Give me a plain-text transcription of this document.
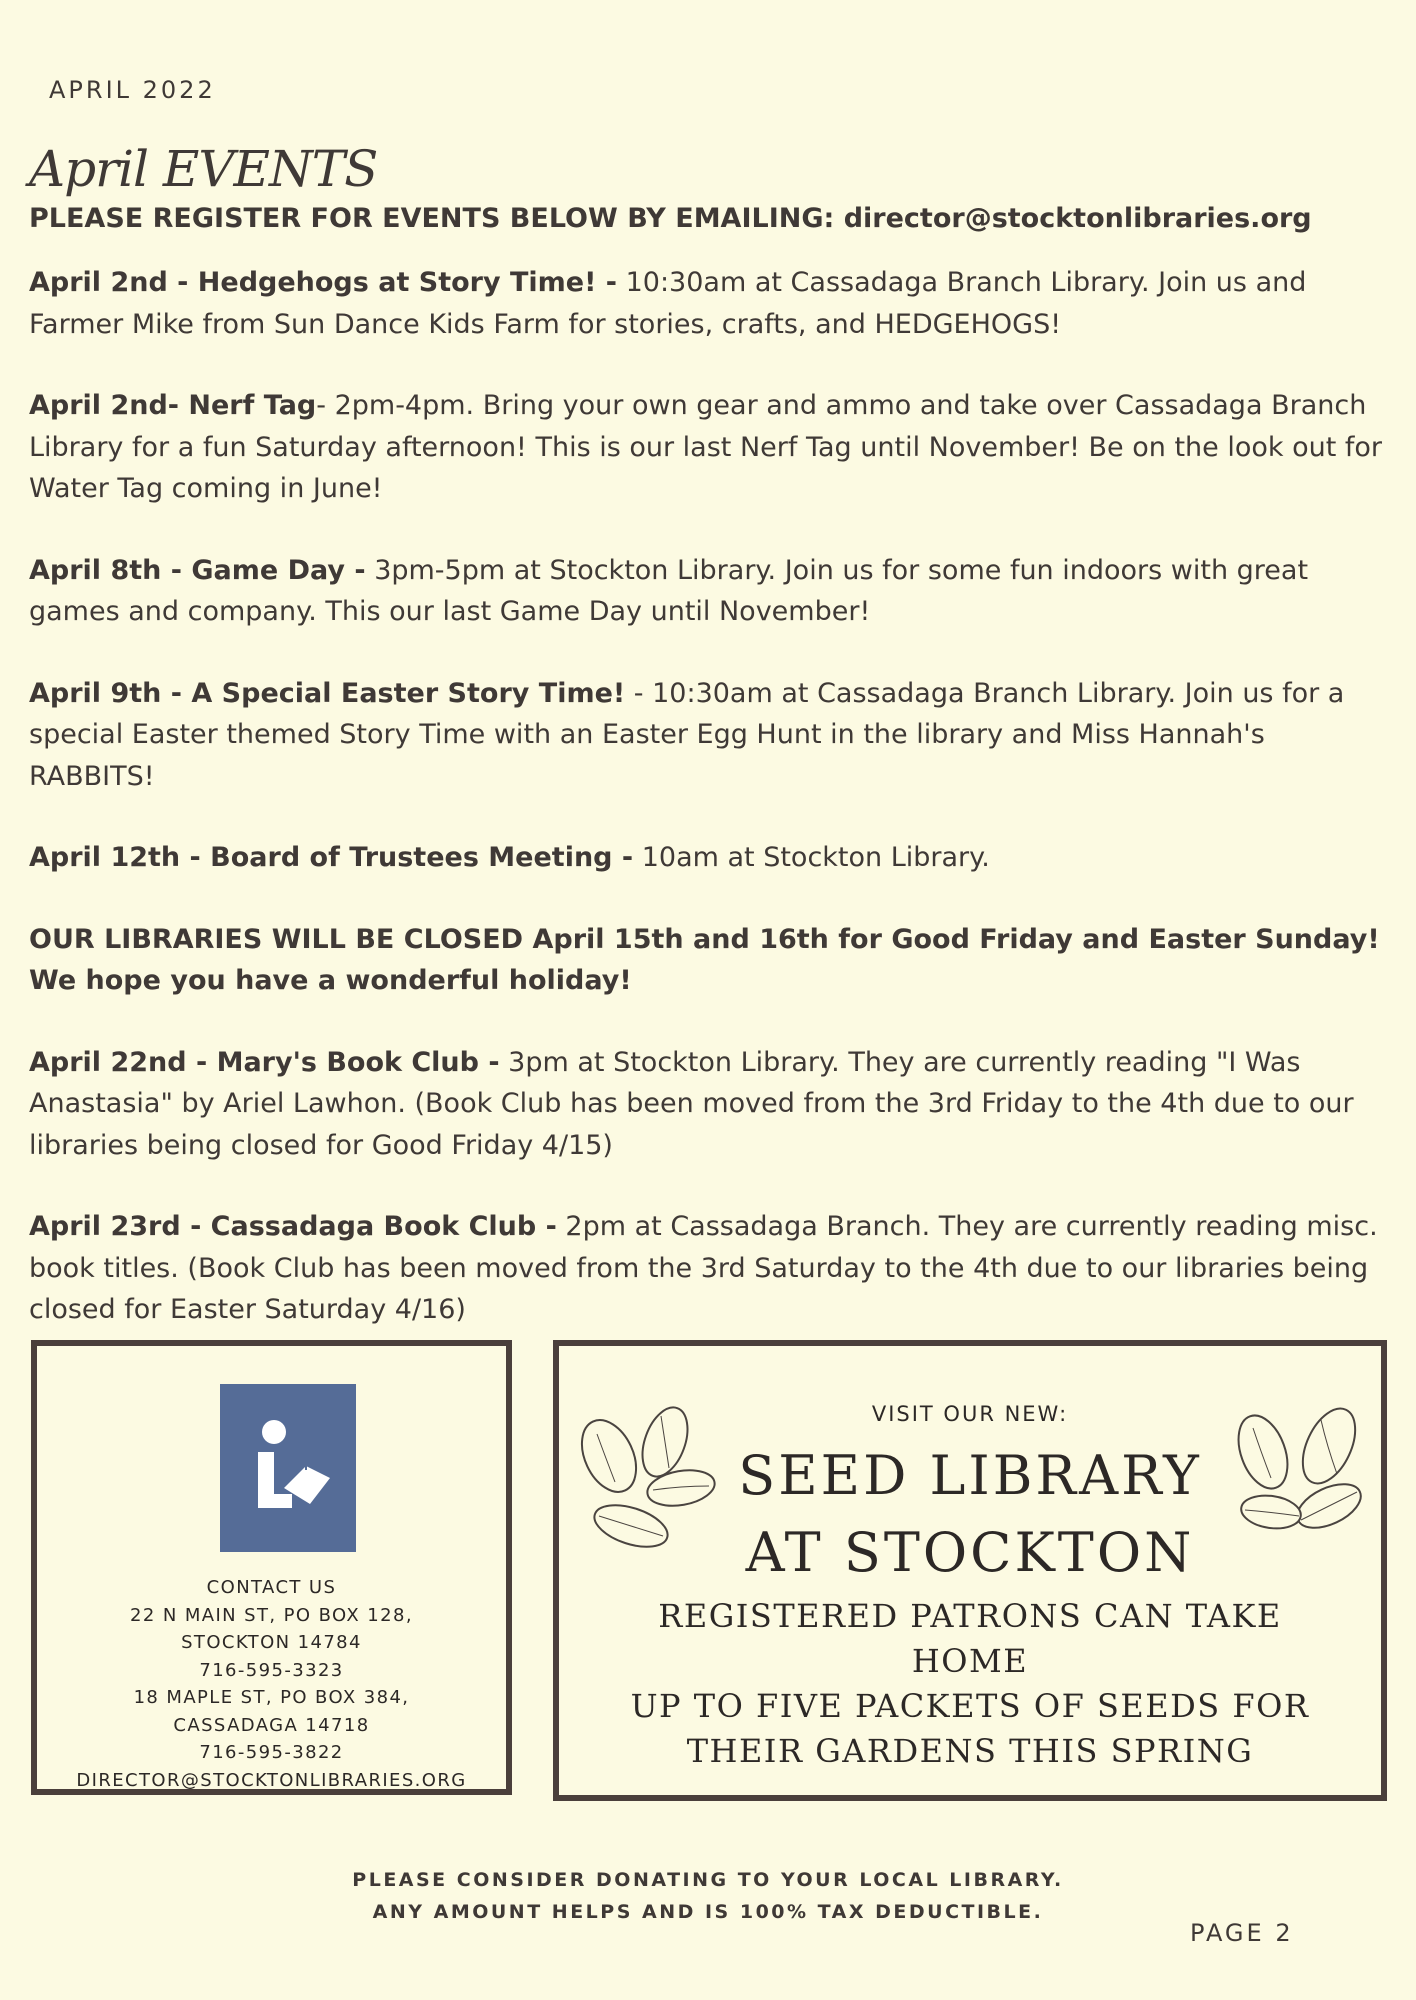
APRIL 2022
April EVENTS
PLEASE REGISTER FOR EVENTS BELOW BY EMAILING: director@stocktonlibraries.org

April 2nd - Hedgehogs at Story Time! - 10:30am at Cassadaga Branch Library. Join us and Farmer Mike from Sun Dance Kids Farm for stories, crafts, and HEDGEHOGS!

April 2nd- Nerf Tag- 2pm-4pm. Bring your own gear and ammo and take over Cassadaga Branch Library for a fun Saturday afternoon! This is our last Nerf Tag until November! Be on the look out for Water Tag coming in June!

April 8th - Game Day - 3pm-5pm at Stockton Library. Join us for some fun indoors with great games and company. This our last Game Day until November!

April 9th - A Special Easter Story Time! - 10:30am at Cassadaga Branch Library. Join us for a special Easter themed Story Time with an Easter Egg Hunt in the library and Miss Hannah's RABBITS!

April 12th - Board of Trustees Meeting - 10am at Stockton Library.

OUR LIBRARIES WILL BE CLOSED April 15th and 16th for Good Friday and Easter Sunday! We hope you have a wonderful holiday!

April 22nd - Mary's Book Club - 3pm at Stockton Library. They are currently reading "I Was Anastasia" by Ariel Lawhon. (Book Club has been moved from the 3rd Friday to the 4th due to our libraries being closed for Good Friday 4/15)

April 23rd - Cassadaga Book Club - 2pm at Cassadaga Branch. They are currently reading misc. book titles. (Book Club has been moved from the 3rd Saturday to the 4th due to our libraries being closed for Easter Saturday 4/16)

CONTACT US
22 N MAIN ST, PO BOX 128,
STOCKTON 14784
716-595-3323
18 MAPLE ST, PO BOX 384,
CASSADAGA 14718
716-595-3822
DIRECTOR@STOCKTONLIBRARIES.ORG
VISIT OUR NEW:
SEED LIBRARY
AT STOCKTON
REGISTERED PATRONS CAN TAKE HOME
UP TO FIVE PACKETS OF SEEDS FOR
THEIR GARDENS THIS SPRING
PLEASE CONSIDER DONATING TO YOUR LOCAL LIBRARY.
ANY AMOUNT HELPS AND IS 100% TAX DEDUCTIBLE.
PAGE 2
